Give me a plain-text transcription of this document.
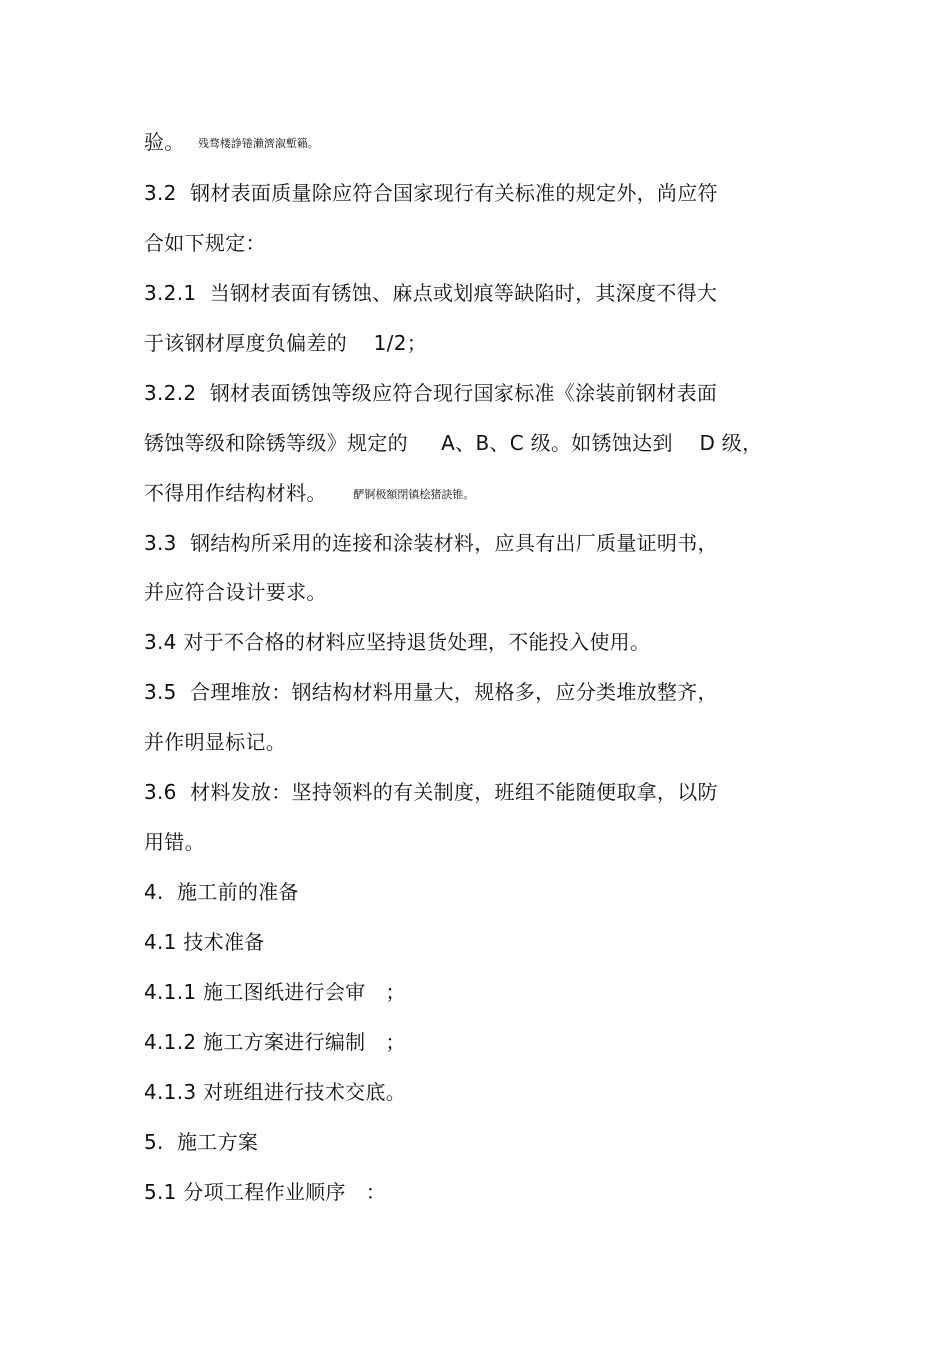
验。 残骛楼諍锩瀨濟溆塹籟。
3.2  钢材表面质量除应符合国家现行有关标准的规定外，尚应符
合如下规定：
3.2.1  当钢材表面有锈蚀、麻点或划痕等缺陷时，其深度不得大
于该钢材厚度负偏差的    1/2；
3.2.2  钢材表面锈蚀等级应符合现行国家标准《涂装前钢材表面
锈蚀等级和除锈等级》规定的     A、B、C 级。如锈蚀达到    D 级，
不得用作结构材料。 酽锕极額閉镇桧猪訣锥。
3.3  钢结构所采用的连接和涂装材料，应具有出厂质量证明书，
并应符合设计要求。
3.4 对于不合格的材料应坚持退货处理，不能投入使用。
3.5  合理堆放：钢结构材料用量大，规格多，应分类堆放整齐，
并作明显标记。
3.6  材料发放：坚持领料的有关制度，班组不能随便取拿，以防
用错。
4.  施工前的准备
4.1 技术准备
4.1.1 施工图纸进行会审   ；
4.1.2 施工方案进行编制   ；
4.1.3 对班组进行技术交底。
5.  施工方案
5.1 分项工程作业顺序   ：
